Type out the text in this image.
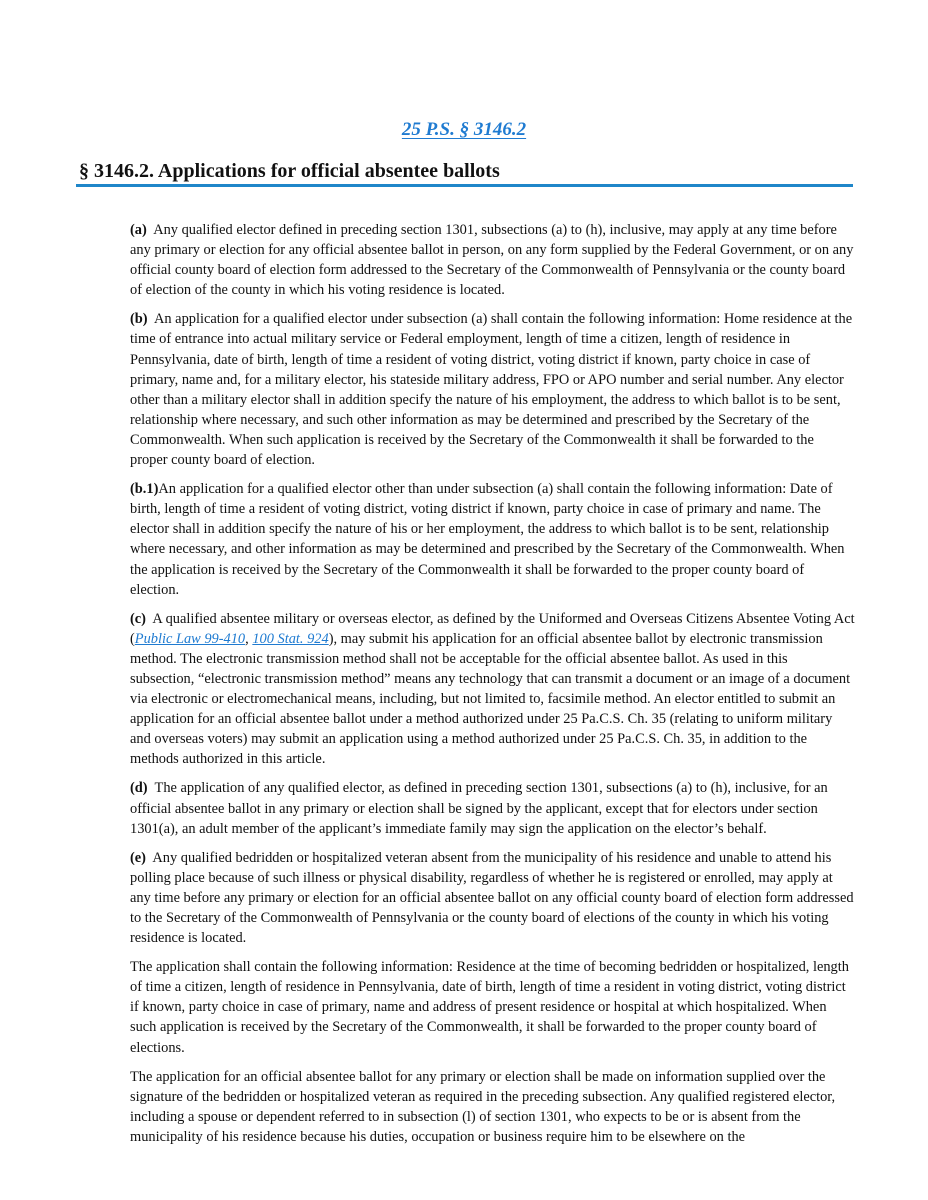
25 P.S. § 3146.2
§ 3146.2. Applications for official absentee ballots

(a) Any qualified elector defined in preceding section 1301, subsections (a) to (h), inclusive, may apply at any time before any primary or election for any official absentee ballot in person, on any form supplied by the Federal Government, or on any official county board of election form addressed to the Secretary of the Commonwealth of Pennsylvania or the county board of election of the county in which his voting residence is located.

(b) An application for a qualified elector under subsection (a) shall contain the following information: Home residence at the time of entrance into actual military service or Federal employment, length of time a citizen, length of residence in Pennsylvania, date of birth, length of time a resident of voting district, voting district if known, party choice in case of primary, name and, for a military elector, his stateside military address, FPO or APO number and serial number. Any elector other than a military elector shall in addition specify the nature of his employment, the address to which ballot is to be sent, relationship where necessary, and such other information as may be determined and prescribed by the Secretary of the Commonwealth. When such application is received by the Secretary of the Commonwealth it shall be forwarded to the proper county board of election.

(b.1)An application for a qualified elector other than under subsection (a) shall contain the following information: Date of birth, length of time a resident of voting district, voting district if known, party choice in case of primary and name. The elector shall in addition specify the nature of his or her employment, the address to which ballot is to be sent, relationship where necessary, and other information as may be determined and prescribed by the Secretary of the Commonwealth. When the application is received by the Secretary of the Commonwealth it shall be forwarded to the proper county board of election.

(c) A qualified absentee military or overseas elector, as defined by the Uniformed and Overseas Citizens Absentee Voting Act (Public Law 99-410, 100 Stat. 924), may submit his application for an official absentee ballot by electronic transmission method. The electronic transmission method shall not be acceptable for the official absentee ballot. As used in this subsection, “electronic transmission method” means any technology that can transmit a document or an image of a document via electronic or electromechanical means, including, but not limited to, facsimile method. An elector entitled to submit an application for an official absentee ballot under a method authorized under 25 Pa.C.S. Ch. 35 (relating to uniform military and overseas voters) may submit an application using a method authorized under 25 Pa.C.S. Ch. 35, in addition to the methods authorized in this article.

(d) The application of any qualified elector, as defined in preceding section 1301, subsections (a) to (h), inclusive, for an official absentee ballot in any primary or election shall be signed by the applicant, except that for electors under section 1301(a), an adult member of the applicant’s immediate family may sign the application on the elector’s behalf.

(e) Any qualified bedridden or hospitalized veteran absent from the municipality of his residence and unable to attend his polling place because of such illness or physical disability, regardless of whether he is registered or enrolled, may apply at any time before any primary or election for an official absentee ballot on any official county board of election form addressed to the Secretary of the Commonwealth of Pennsylvania or the county board of elections of the county in which his voting residence is located.

The application shall contain the following information: Residence at the time of becoming bedridden or hospitalized, length of time a citizen, length of residence in Pennsylvania, date of birth, length of time a resident in voting district, voting district if known, party choice in case of primary, name and address of present residence or hospital at which hospitalized. When such application is received by the Secretary of the Commonwealth, it shall be forwarded to the proper county board of elections.

The application for an official absentee ballot for any primary or election shall be made on information supplied over the signature of the bedridden or hospitalized veteran as required in the preceding subsection. Any qualified registered elector, including a spouse or dependent referred to in subsection (l) of section 1301, who expects to be or is absent from the municipality of his residence because his duties, occupation or business require him to be elsewhere on the
